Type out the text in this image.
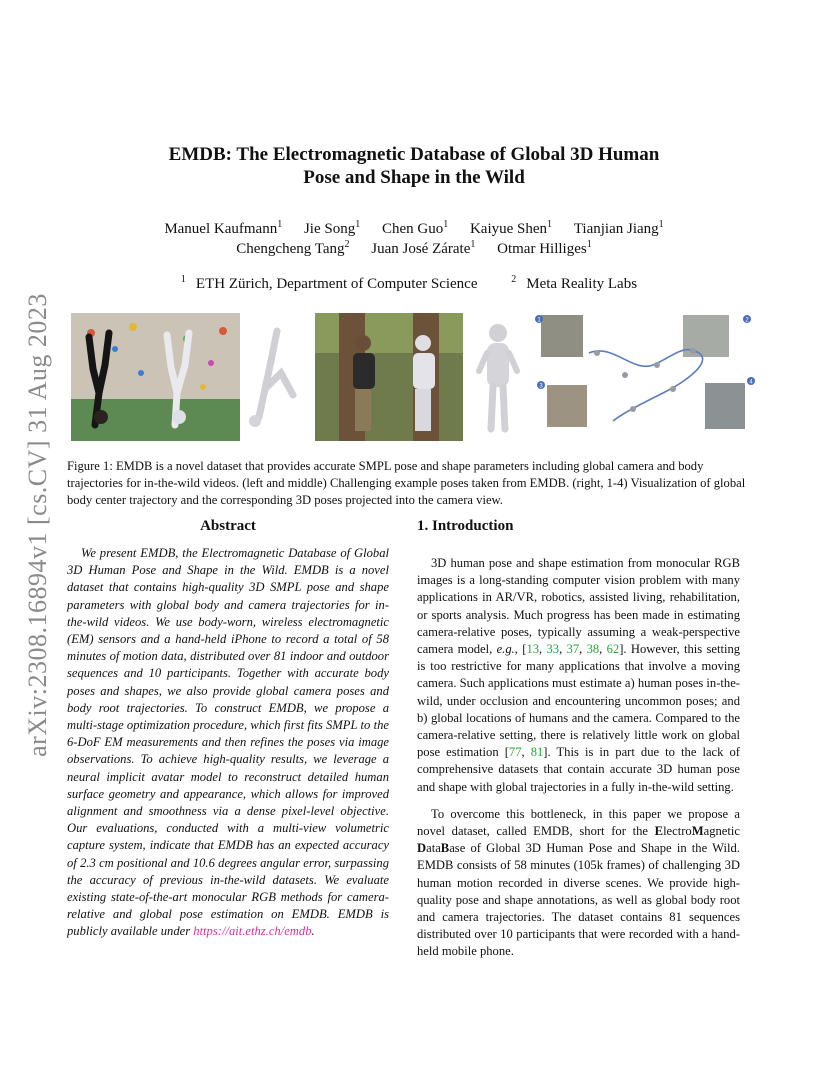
arXiv:2308.16894v1 [cs.CV] 31 Aug 2023
EMDB: The Electromagnetic Database of Global 3D Human
Pose and Shape in the Wild
Manuel Kaufmann$^1$ Jie Song$^1$ Chen Guo$^1$ Kaiyue Shen$^1$ Tianjian Jiang$^1$
Chengcheng Tang$^2$ Juan José Zárate$^1$ Otmar Hilliges$^1$
$^1$ ETH Zürich, Department of Computer Science	$^2$ Meta Reality Labs
1	2
3
4
Figure 1: EMDB is a novel dataset that provides accurate SMPL pose and shape parameters including global camera and body trajectories for in-the-wild videos. (left and middle) Challenging example poses taken from EMDB. (right, 1-4) Visualization of global body center trajectory and the corresponding 3D poses projected into the camera view.
Abstract

We present EMDB, the Electromagnetic Database of Global 3D Human Pose and Shape in the Wild. EMDB is a novel dataset that contains high-quality 3D SMPL pose and shape parameters with global body and camera trajectories for in-the-wild videos. We use body-worn, wireless electromagnetic (EM) sensors and a hand-held iPhone to record a total of 58 minutes of motion data, distributed over 81 indoor and outdoor sequences and 10 participants. Together with accurate body poses and shapes, we also provide global camera poses and body root trajectories. To construct EMDB, we propose a multi-stage optimization procedure, which first fits SMPL to the 6-DoF EM measurements and then refines the poses via image observations. To achieve high-quality results, we leverage a neural implicit avatar model to reconstruct detailed human surface geometry and appearance, which allows for improved alignment and smoothness via a dense pixel-level objective. Our evaluations, conducted with a multi-view volumetric capture system, indicate that EMDB has an expected accuracy of 2.3 cm positional and 10.6 degrees angular error, surpassing the accuracy of previous in-the-wild datasets. We evaluate existing state-of-the-art monocular RGB methods for camera-relative and global pose estimation on EMDB. EMDB is publicly available under https://ait.ethz.ch/emdb.

1. Introduction

3D human pose and shape estimation from monocular RGB images is a long-standing computer vision problem with many applications in AR/VR, robotics, assisted living, rehabilitation, or sports analysis. Much progress has been made in estimating camera-relative poses, typically assuming a weak-perspective camera model, e.g., [13, 33, 37, 38, 62]. However, this setting is too restrictive for many applications that involve a moving camera. Such applications must estimate a) human poses in-the-wild, under occlusion and encountering uncommon poses; and b) global locations of humans and the camera. Compared to the camera-relative setting, there is relatively little work on global pose estimation [77, 81]. This is in part due to the lack of comprehensive datasets that contain accurate 3D human pose and shape with global trajectories in a fully in-the-wild setting.

To overcome this bottleneck, in this paper we propose a novel dataset, called EMDB, short for the ElectroMagnetic DataBase of Global 3D Human Pose and Shape in the Wild. EMDB consists of 58 minutes (105k frames) of challenging 3D human motion recorded in diverse scenes. We provide high-quality pose and shape annotations, as well as global body root and camera trajectories. The dataset contains 81 sequences distributed over 10 participants that were recorded with a hand-held mobile phone.
